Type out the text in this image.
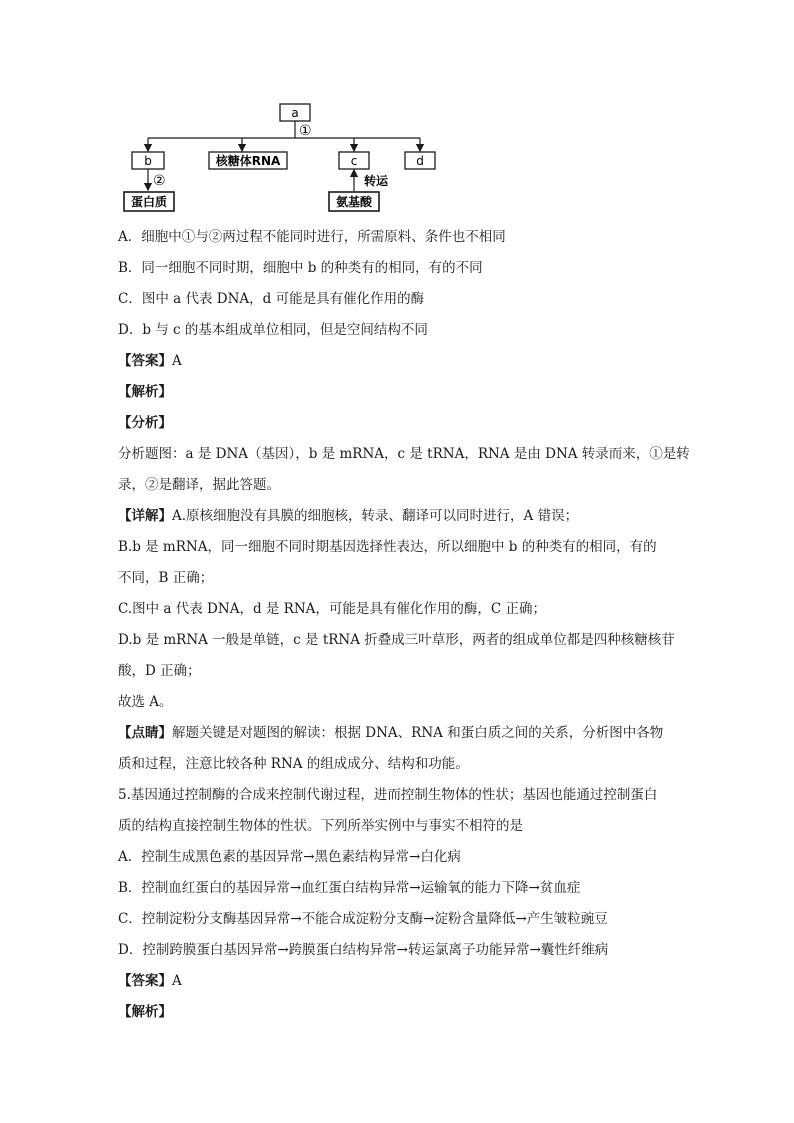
a
①
b	核糖体RNA	c	d
②
蛋白质
转运
氨基酸

A．细胞中①与②两过程不能同时进行，所需原料、条件也不相同

B．同一细胞不同时期，细胞中 b 的种类有的相同，有的不同

C．图中 a 代表 DNA，d 可能是具有催化作用的酶

D．b 与 c 的基本组成单位相同，但是空间结构不同

【答案】A

【解析】

【分析】

分析题图：a 是 DNA（基因），b 是 mRNA，c 是 tRNA，RNA 是由 DNA 转录而来，①是转

录，②是翻译，据此答题。

【详解】A.原核细胞没有具膜的细胞核，转录、翻译可以同时进行，A 错误；

B.b 是 mRNA，同一细胞不同时期基因选择性表达，所以细胞中 b 的种类有的相同，有的

不同，B 正确；

C.图中 a 代表 DNA，d 是 RNA，可能是具有催化作用的酶，C 正确；

D.b 是 mRNA 一般是单链，c 是 tRNA 折叠成三叶草形，两者的组成单位都是四种核糖核苷

酸，D 正确；

故选 A。

【点睛】解题关键是对题图的解读：根据 DNA、RNA 和蛋白质之间的关系，分析图中各物

质和过程，注意比较各种 RNA 的组成成分、结构和功能。

5.基因通过控制酶的合成来控制代谢过程，进而控制生物体的性状；基因也能通过控制蛋白

质的结构直接控制生物体的性状。下列所举实例中与事实不相符的是

A．控制生成黑色素的基因异常→黑色素结构异常→白化病

B．控制血红蛋白的基因异常→血红蛋白结构异常→运输氧的能力下降→贫血症

C．控制淀粉分支酶基因异常→不能合成淀粉分支酶→淀粉含量降低→产生皱粒豌豆

D．控制跨膜蛋白基因异常→跨膜蛋白结构异常→转运氯离子功能异常→囊性纤维病

【答案】A

【解析】
